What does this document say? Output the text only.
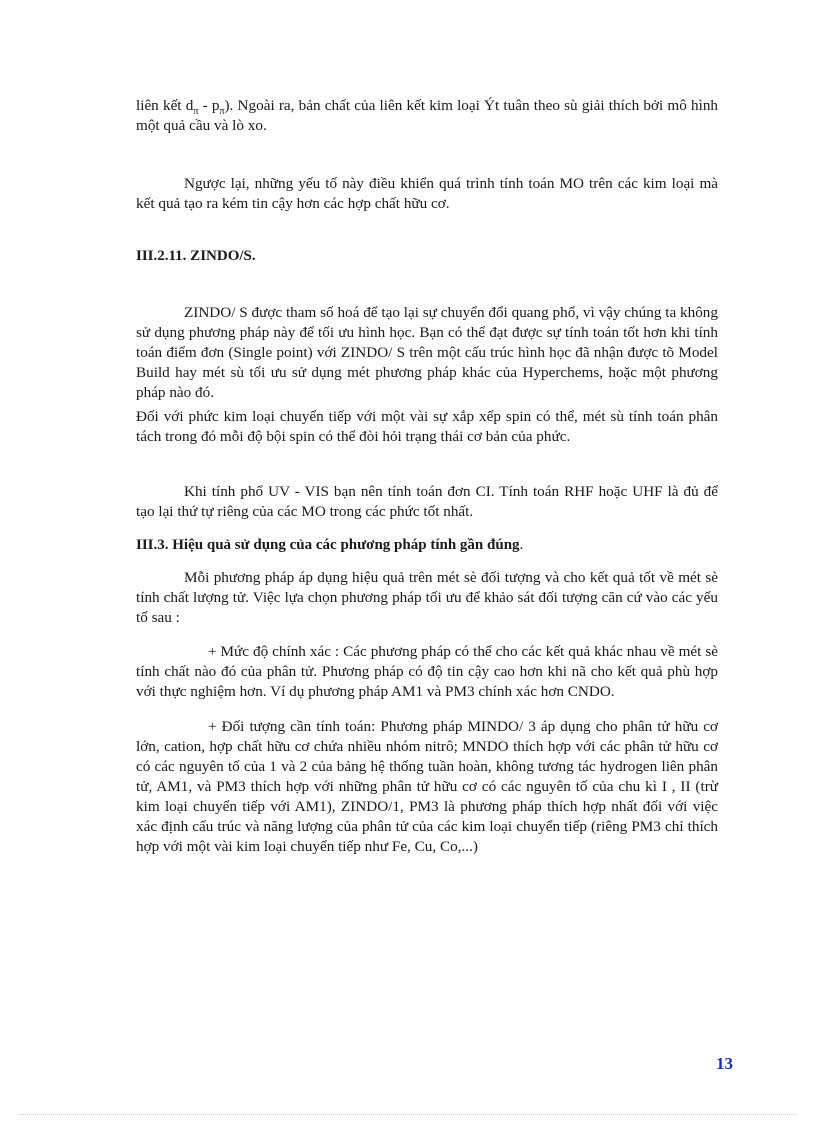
liên kết $d_\pi - p_\pi$). Ngoài ra, bản chất của liên kết kim loại Ýt tuân theo sù giải thích bởi mô hình một quả cầu và lò xo.

Ngược lại, những yếu tố này điều khiển quá trình tính toán MO trên các kim loại mà kết quả tạo ra kém tin cậy hơn các hợp chất hữu cơ.

III.2.11. ZINDO/S.

ZINDO/ S được tham số hoá để tạo lại sự chuyển đổi quang phổ, vì vậy chúng ta không sử dụng phương pháp này để tối ưu hình học. Bạn có thể đạt được sự tính toán tốt hơn khi tính toán điểm đơn (Single point) với ZINDO/ S trên một cấu trúc hình học đã nhận được tõ Model Build hay mét sù tối ưu sử dụng mét phương pháp khác của Hyperchems, hoặc một phương pháp nào đó.

Đối với phức kim loại chuyển tiếp với một vài sự xắp xếp spin có thể, mét sù tính toán phân tách trong đó mỗi độ bội spin có thể đòi hỏi trạng thái cơ bản của phức.

Khi tính phổ UV - VIS bạn nên tính toán đơn CI. Tính toán RHF hoặc UHF là đủ để tạo lại thứ tự riêng của các MO trong các phức tốt nhất.

III.3. Hiệu quả sử dụng của các phương pháp tính gần đúng.

Mỗi phương pháp áp dụng hiệu quả trên mét sè đối tượng và cho kết quả tốt về mét sè tính chất lượng tử. Việc lựa chọn phương pháp tối ưu để khảo sát đối tượng căn cứ vào các yếu tố sau :

+ Mức độ chính xác : Các phương pháp có thể cho các kết quả khác nhau về mét sè tính chất nào đó của phân tử. Phương pháp có độ tin cậy cao hơn khi nã cho kết quả phù hợp với thực nghiệm hơn. Ví dụ phương pháp AM1 và PM3 chính xác hơn CNDO.

+ Đối tượng cần tính toán: Phương pháp MINDO/ 3 áp dụng cho phân tử hữu cơ lớn, cation, hợp chất hữu cơ chứa nhiều nhóm nitrô; MNDO thích hợp với các phân tử hữu cơ có các nguyên tố của 1 và 2 của bảng hệ thống tuần hoàn, không tương tác hydrogen liên phân tử, AM1, và PM3 thích hợp với những phân tử hữu cơ có các nguyên tố của chu kì I , II (trừ kim loại chuyển tiếp với AM1), ZINDO/1, PM3 là phương pháp thích hợp nhất đối với việc xác định cấu trúc và năng lượng của phân tử của các kim loại chuyển tiếp (riêng PM3 chỉ thích hợp với một vài kim loại chuyển tiếp như Fe, Cu, Co,...)

13
